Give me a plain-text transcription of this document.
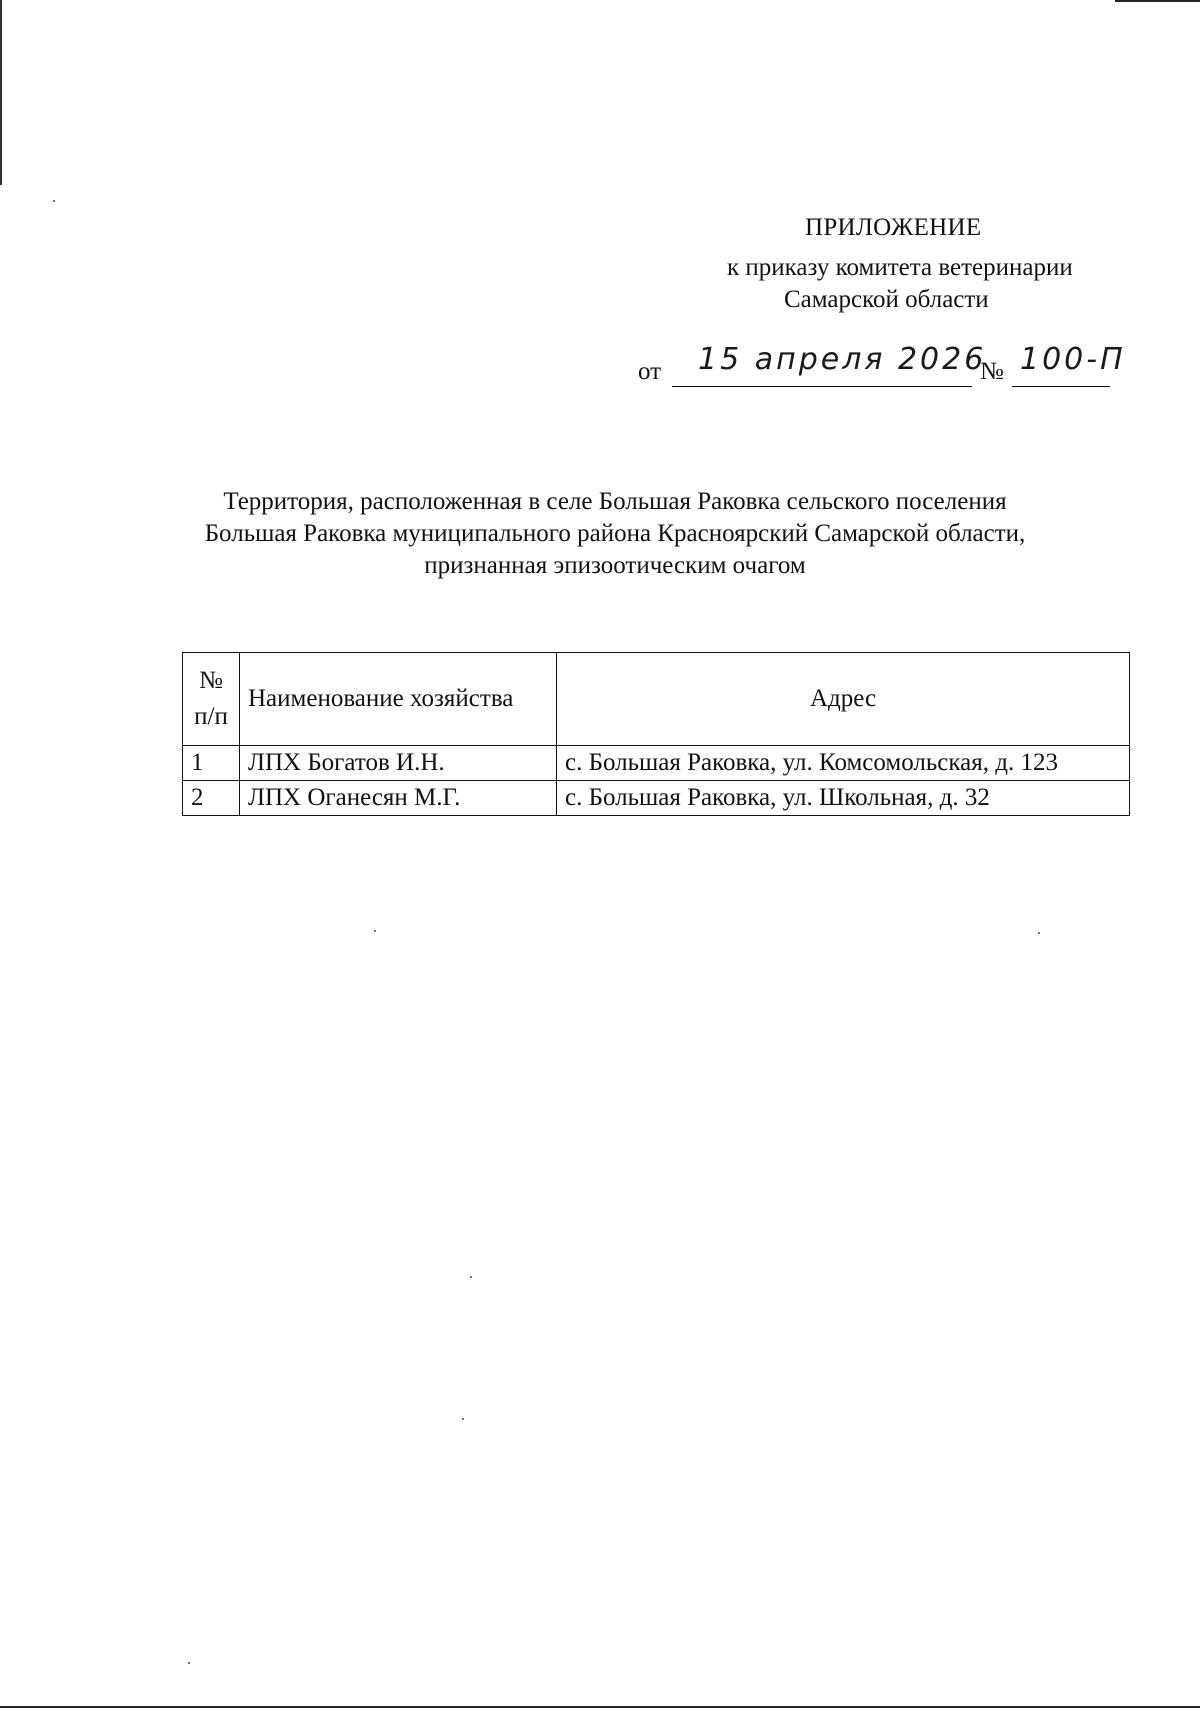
ПРИЛОЖЕНИЕ
к приказу комитета ветеринарии
Самарской области
от 15 апреля 2026
№ 100-П
Территория, расположенная в селе Большая Раковка сельского поселения
Большая Раковка муниципального района Красноярский Самарской области,
признанная эпизоотическим очагом
№
п/п	Наименование хозяйства	Адрес
1	ЛПХ Богатов И.Н.	с. Большая Раковка, ул. Комсомольская, д. 123
2	ЛПХ Оганесян М.Г.	с. Большая Раковка, ул. Школьная, д. 32
